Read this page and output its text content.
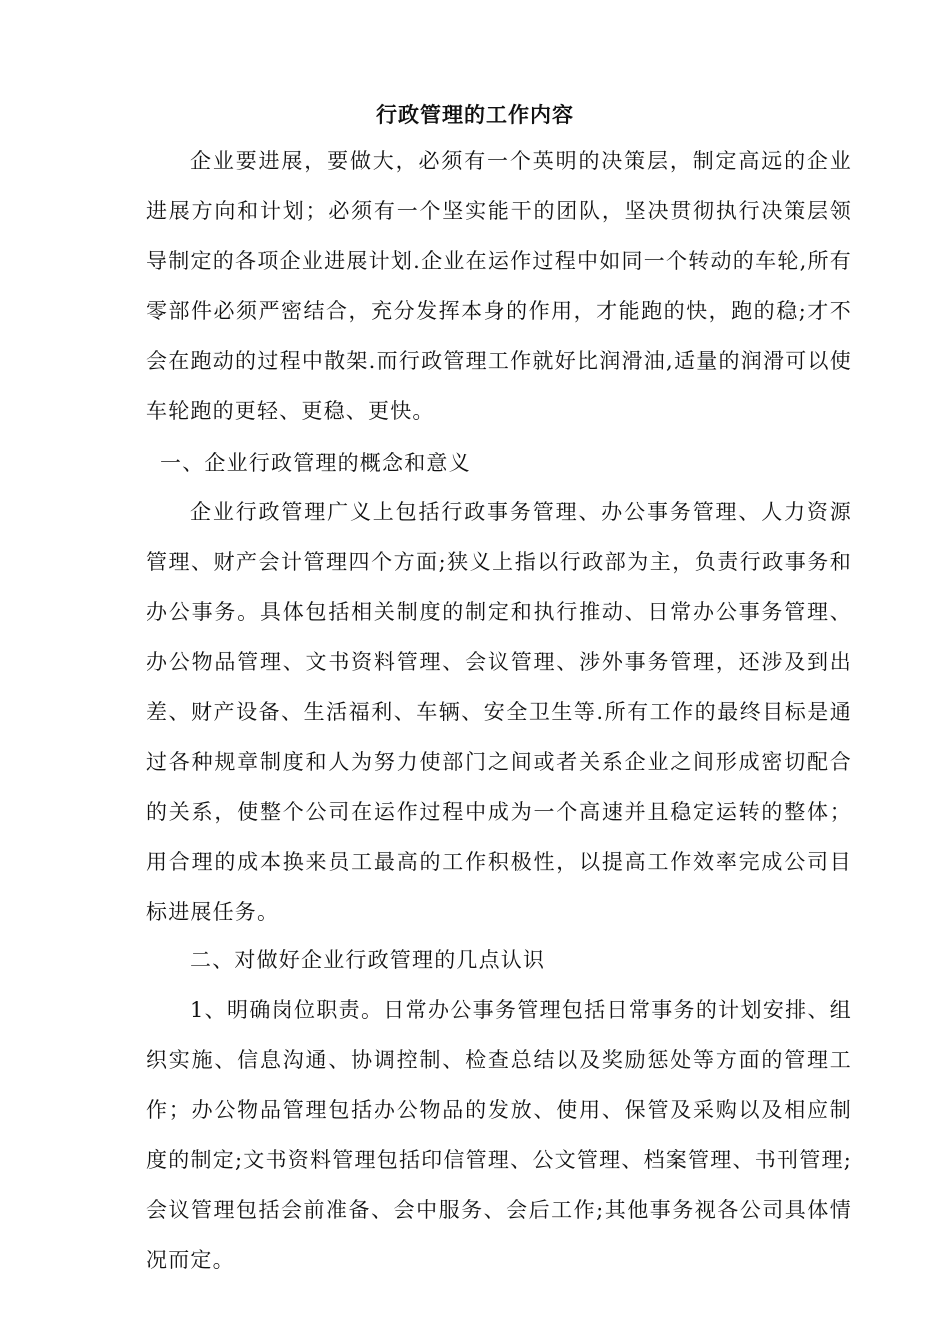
行政管理的工作内容

企业要进展，要做大，必须有一个英明的决策层，制定高远的企业进展方向和计划；必须有一个坚实能干的团队，坚决贯彻执行决策层领导制定的各项企业进展计划.企业在运作过程中如同一个转动的车轮,所有零部件必须严密结合，充分发挥本身的作用，才能跑的快，跑的稳;才不会在跑动的过程中散架.而行政管理工作就好比润滑油,适量的润滑可以使车轮跑的更轻、更稳、更快。

一、企业行政管理的概念和意义

企业行政管理广义上包括行政事务管理、办公事务管理、人力资源管理、财产会计管理四个方面;狭义上指以行政部为主，负责行政事务和办公事务。具体包括相关制度的制定和执行推动、日常办公事务管理、办公物品管理、文书资料管理、会议管理、涉外事务管理，还涉及到出差、财产设备、生活福利、车辆、安全卫生等.所有工作的最终目标是通过各种规章制度和人为努力使部门之间或者关系企业之间形成密切配合的关系，使整个公司在运作过程中成为一个高速并且稳定运转的整体；用合理的成本换来员工最高的工作积极性，以提高工作效率完成公司目标进展任务。

二、对做好企业行政管理的几点认识

1、明确岗位职责。日常办公事务管理包括日常事务的计划安排、组织实施、信息沟通、协调控制、检查总结以及奖励惩处等方面的管理工作；办公物品管理包括办公物品的发放、使用、保管及采购以及相应制度的制定;文书资料管理包括印信管理、公文管理、档案管理、书刊管理;会议管理包括会前准备、会中服务、会后工作;其他事务视各公司具体情况而定。
